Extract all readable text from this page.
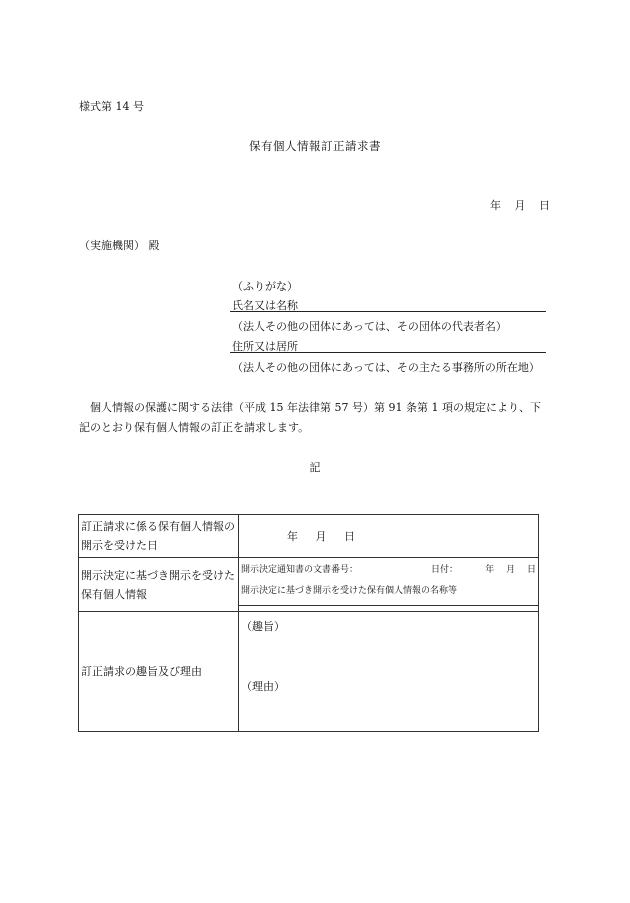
様式第 14 号
保有個人情報訂正請求書
年 月 日
（実施機関） 殿
（ふりがな）
氏名又は名称
（法人その他の団体にあっては、その団体の代表者名）
住所又は居所
（法人その他の団体にあっては、その主たる事務所の所在地）
個人情報の保護に関する法律（平成 15 年法律第 57 号）第 91 条第 1 項の規定により、下記のとおり保有個人情報の訂正を請求します。
記
訂正請求に係る保有個人情報の開示を受けた日	年 月 日
開示決定に基づき開示を受けた保有個人情報	開示決定通知書の文書番号： 日付： 年 月 日
開示決定に基づき開示を受けた保有個人情報の名称等

訂正請求の趣旨及び理由	（趣旨）
（理由）
